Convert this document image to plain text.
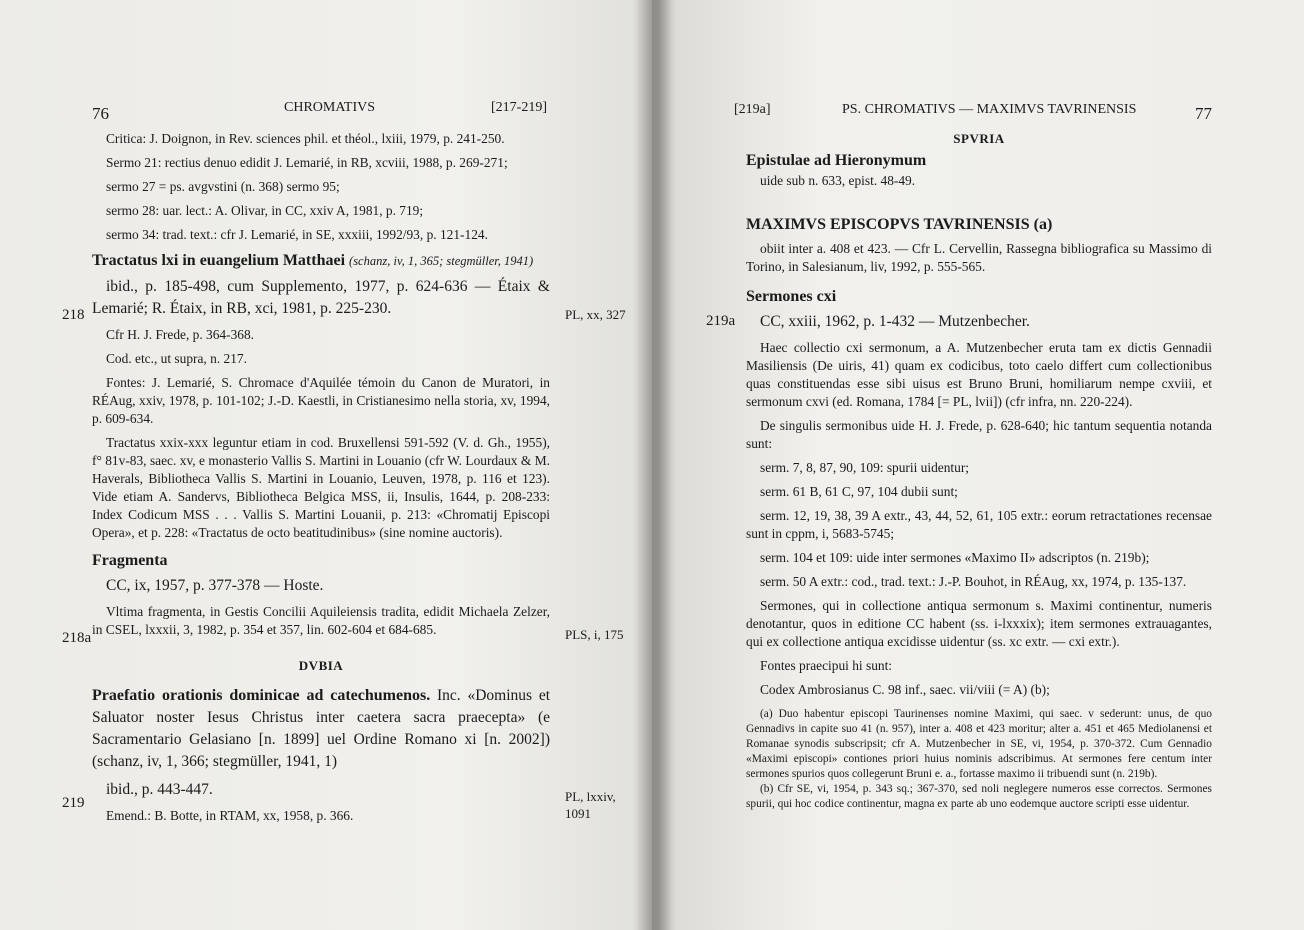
76	CHROMATIVS	[217-219]

Critica: J. Doignon, in Rev. sciences phil. et théol., lxiii, 1979, p. 241-250.

Sermo 21: rectius denuo edidit J. Lemarié, in RB, xcviii, 1988, p. 269-271;

sermo 27 = ps. avgvstini (n. 368) sermo 95;

sermo 28: uar. lect.: A. Olivar, in CC, xxiv A, 1981, p. 719;

sermo 34: trad. text.: cfr J. Lemarié, in SE, xxxiii, 1992/93, p. 121-124.

Tractatus lxi in euangelium Matthaei (schanz, iv, 1, 365; stegmüller, 1941)

ibid., p. 185-498, cum Supplemento, 1977, p. 624-636 — Étaix & Lemarié; R. Étaix, in RB, xci, 1981, p. 225-230.

Cfr H. J. Frede, p. 364-368.

Cod. etc., ut supra, n. 217.

Fontes: J. Lemarié, S. Chromace d'Aquilée témoin du Canon de Muratori, in RÉAug, xxiv, 1978, p. 101-102; J.-D. Kaestli, in Cristianesimo nella storia, xv, 1994, p. 609-634.

Tractatus xxix-xxx leguntur etiam in cod. Bruxellensi 591-592 (V. d. Gh., 1955), f° 81v-83, saec. xv, e monasterio Vallis S. Martini in Louanio (cfr W. Lourdaux & M. Haverals, Bibliotheca Vallis S. Martini in Louanio, Leuven, 1978, p. 116 et 123). Vide etiam A. Sandervs, Bibliotheca Belgica MSS, ii, Insulis, 1644, p. 208-233: Index Codicum MSS . . . Vallis S. Martini Louanii, p. 213: «Chromatij Episcopi Opera», et p. 228: «Tractatus de octo beatitudinibus» (sine nomine auctoris).

Fragmenta

CC, ix, 1957, p. 377-378 — Hoste.

Vltima fragmenta, in Gestis Concilii Aquileiensis tradita, edidit Michaela Zelzer, in CSEL, lxxxii, 3, 1982, p. 354 et 357, lin. 602-604 et 684-685.

DVBIA

Praefatio orationis dominicae ad catechumenos. Inc. «Dominus et Saluator noster Iesus Christus inter caetera sacra praecepta» (e Sacramentario Gelasiano [n. 1899] uel Ordine Romano xi [n. 2002]) (schanz, iv, 1, 366; stegmüller, 1941, 1)

ibid., p. 443-447.

Emend.: B. Botte, in RTAM, xx, 1958, p. 366.

218	PL, xx, 327
218a	PLS, i, 175
219	PL, lxxiv, 1091
[219a]	PS. CHROMATIVS — MAXIMVS TAVRINENSIS	77
SPVRIA
Epistulae ad Hieronymum

uide sub n. 633, epist. 48-49.

MAXIMVS EPISCOPVS TAVRINENSIS (a)

obiit inter a. 408 et 423. — Cfr L. Cervellin, Rassegna bibliografica su Massimo di Torino, in Salesianum, liv, 1992, p. 555-565.

Sermones cxi

CC, xxiii, 1962, p. 1-432 — Mutzenbecher.

Haec collectio cxi sermonum, a A. Mutzenbecher eruta tam ex dictis Gennadii Masiliensis (De uiris, 41) quam ex codicibus, toto caelo differt cum collectionibus quas constituendas esse sibi uisus est Bruno Bruni, homiliarum nempe cxviii, et sermonum cxvi (ed. Romana, 1784 [= PL, lvii]) (cfr infra, nn. 220-224).

De singulis sermonibus uide H. J. Frede, p. 628-640; hic tantum sequentia notanda sunt:

serm. 7, 8, 87, 90, 109: spurii uidentur;

serm. 61 B, 61 C, 97, 104 dubii sunt;

serm. 12, 19, 38, 39 A extr., 43, 44, 52, 61, 105 extr.: eorum retractationes recensae sunt in cppm, i, 5683-5745;

serm. 104 et 109: uide inter sermones «Maximo II» adscriptos (n. 219b);

serm. 50 A extr.: cod., trad. text.: J.-P. Bouhot, in RÉAug, xx, 1974, p. 135-137.

Sermones, qui in collectione antiqua sermonum s. Maximi continentur, numeris denotantur, quos in editione CC habent (ss. i-lxxxix); item sermones extrauagantes, qui ex collectione antiqua excidisse uidentur (ss. xc extr. — cxi extr.).

Fontes praecipui hi sunt:

Codex Ambrosianus C. 98 inf., saec. vii/viii (= A) (b);

(a) Duo habentur episcopi Taurinenses nomine Maximi, qui saec. v sederunt: unus, de quo Gennadivs in capite suo 41 (n. 957), inter a. 408 et 423 moritur; alter a. 451 et 465 Mediolanensi et Romanae synodis subscripsit; cfr A. Mutzenbecher in SE, vi, 1954, p. 370-372. Cum Gennadio «Maximi episcopi» contiones priori huius nominis adscribimus. At sermones fere centum inter sermones spurios quos collegerunt Bruni e. a., fortasse maximo ii tribuendi sunt (n. 219b).

(b) Cfr SE, vi, 1954, p. 343 sq.; 367-370, sed noli neglegere numeros esse correctos. Sermones spurii, qui hoc codice continentur, magna ex parte ab uno eodemque auctore scripti esse uidentur.

219a
